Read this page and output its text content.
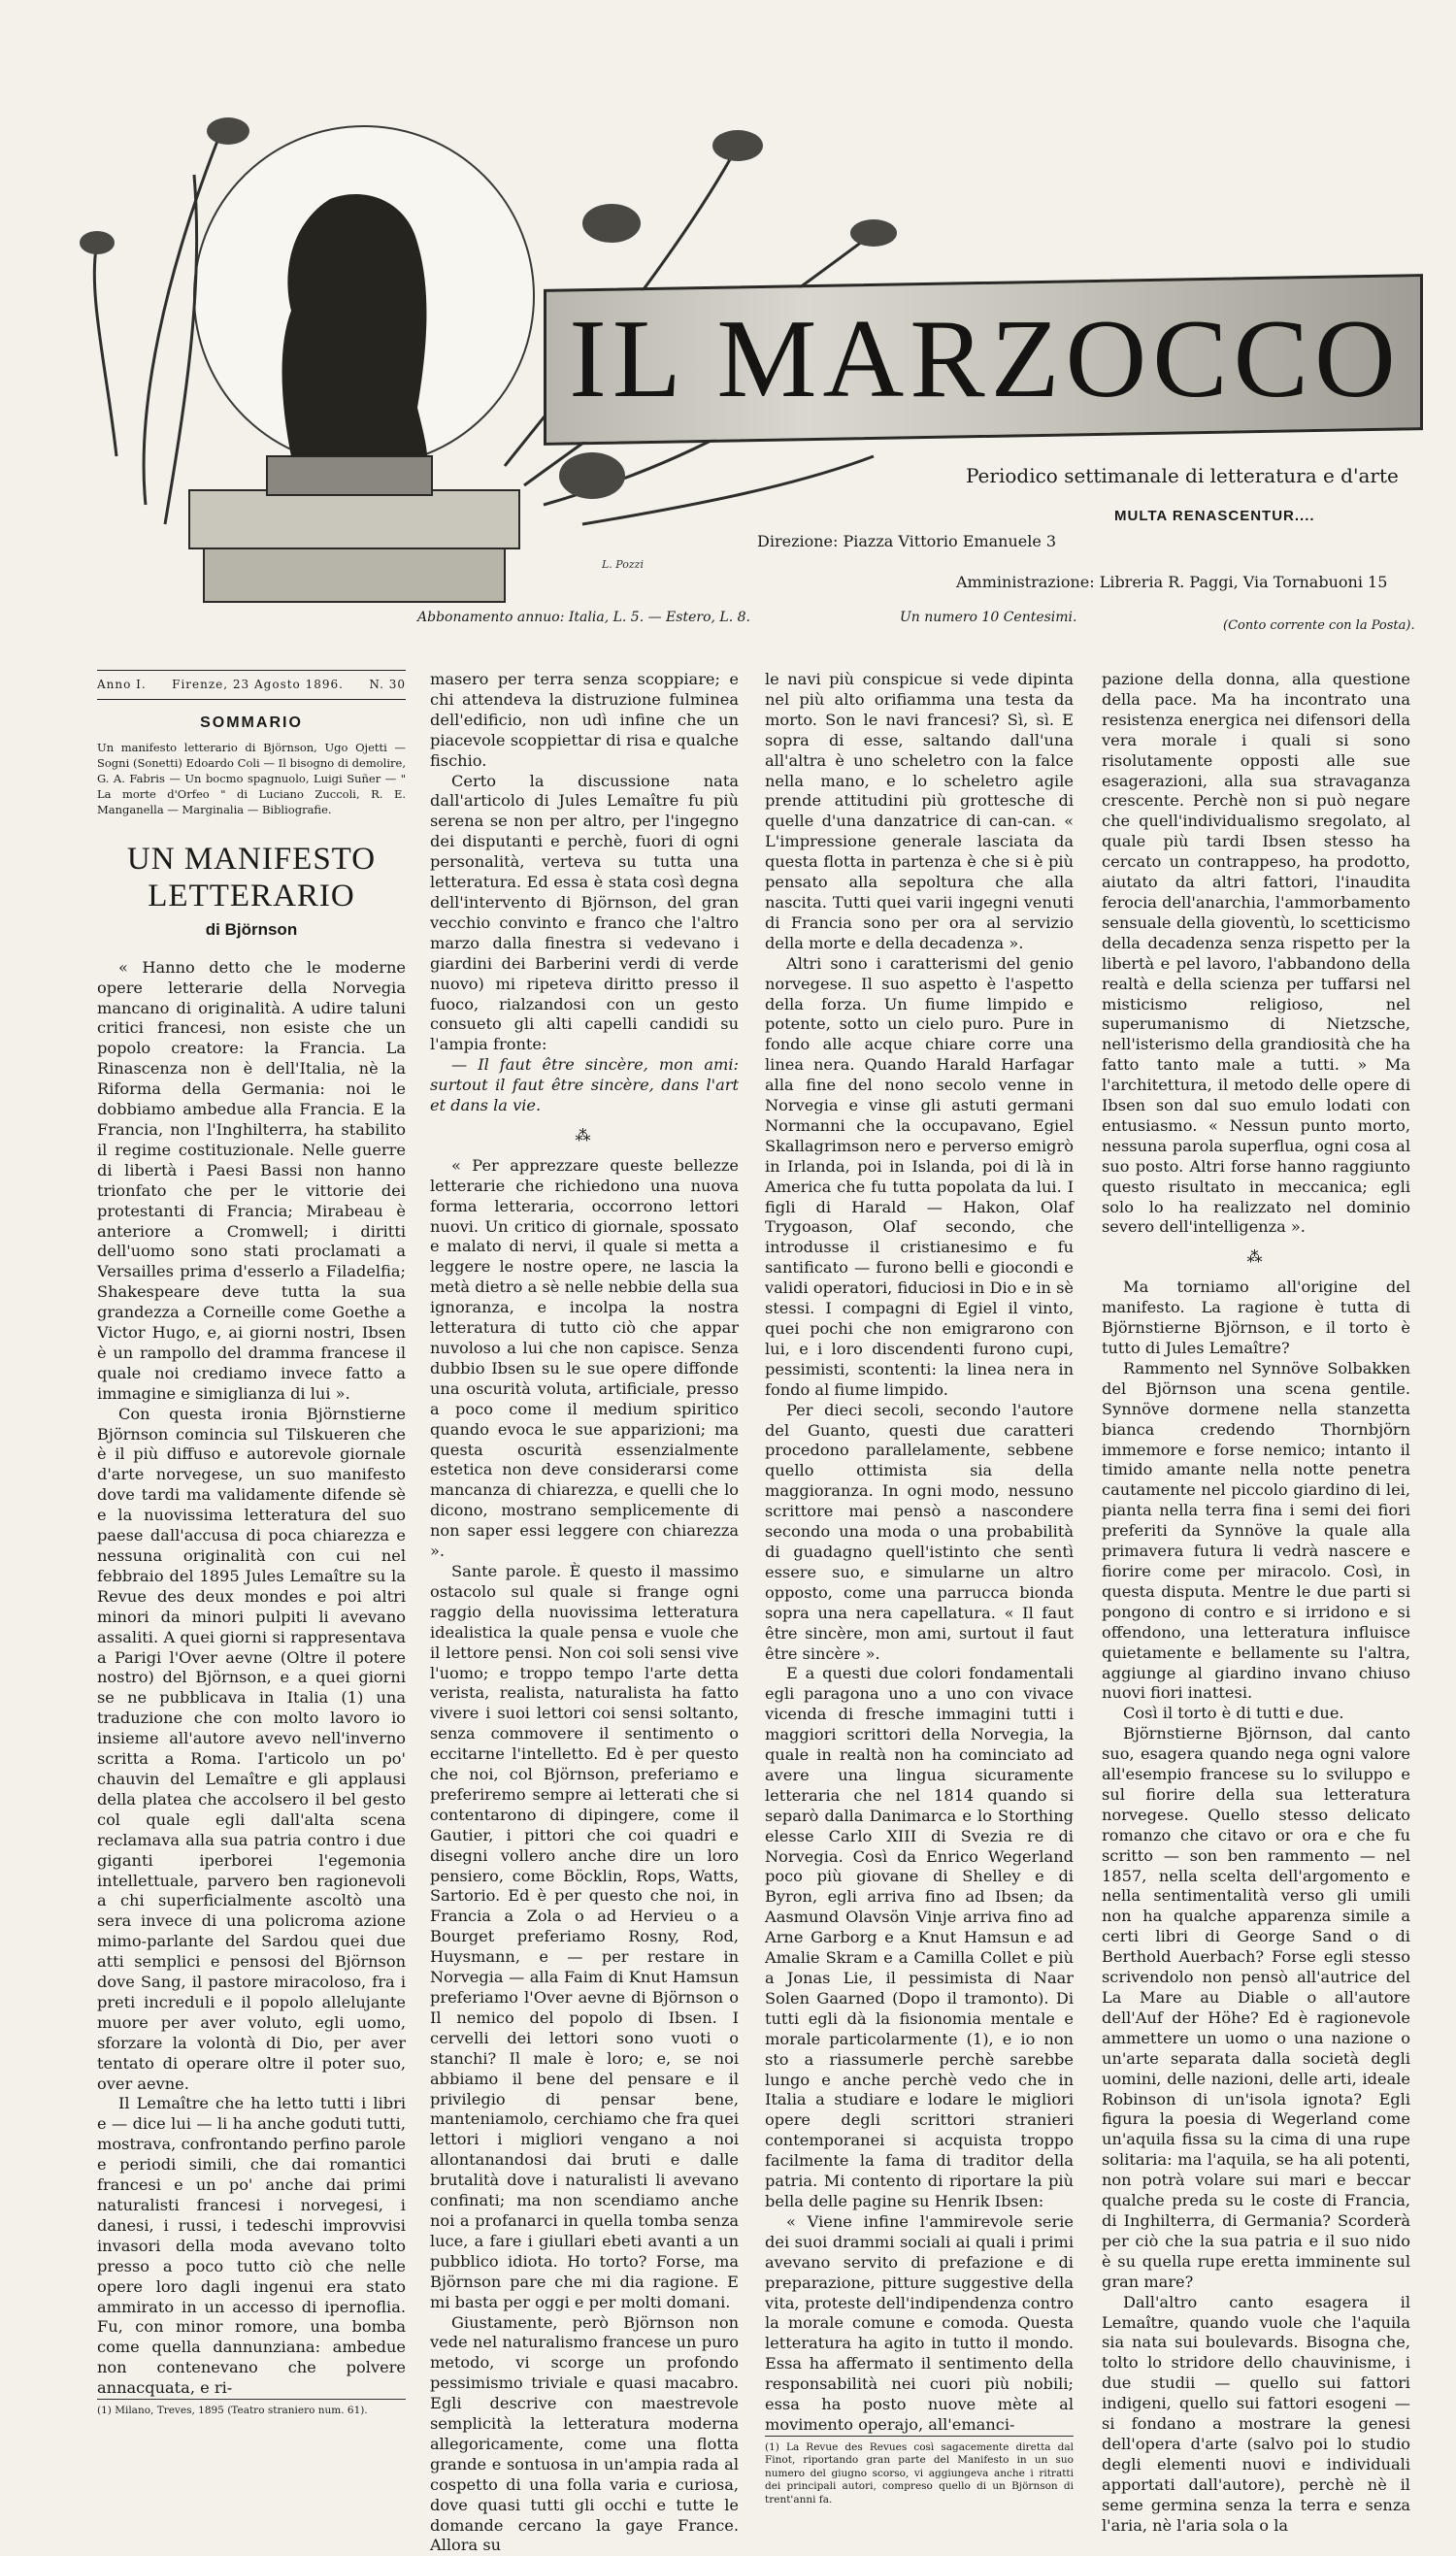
L. Pozzi
IL MARZOCCO
Periodico settimanale di letteratura e d'arte
MULTA RENASCENTUR....
Direzione: Piazza Vittorio Emanuele 3
Amministrazione: Libreria R. Paggi, Via Tornabuoni 15
Abbonamento annuo: Italia, L. 5. — Estero, L. 8.	Un numero 10 Centesimi.
(Conto corrente con la Posta).
Anno I. Firenze, 23 Agosto 1896. N. 30
SOMMARIO
Un manifesto letterario di Björnson, Ugo Ojetti — Sogni (Sonetti) Edoardo Coli — Il bisogno di demolire, G. A. Fabris — Un bocmo spagnuolo, Luigi Suñer — " La morte d'Orfeo " di Luciano Zuccoli, R. E. Manganella — Marginalia — Bibliografie.
UN MANIFESTO LETTERARIO
di Björnson

« Hanno detto che le moderne opere letterarie della Norvegia mancano di originalità. A udire taluni critici francesi, non esiste che un popolo creatore: la Francia. La Rinascenza non è dell'Italia, nè la Riforma della Germania: noi le dobbiamo ambedue alla Francia. E la Francia, non l'Inghilterra, ha stabilito il regime costituzionale. Nelle guerre di libertà i Paesi Bassi non hanno trionfato che per le vittorie dei protestanti di Francia; Mirabeau è anteriore a Cromwell; i diritti dell'uomo sono stati proclamati a Versailles prima d'esserlo a Filadelfia; Shakespeare deve tutta la sua grandezza a Corneille come Goethe a Victor Hugo, e, ai giorni nostri, Ibsen è un rampollo del dramma francese il quale noi crediamo invece fatto a immagine e simiglianza di lui ».

Con questa ironia Björnstierne Björnson comincia sul Tilskueren che è il più diffuso e autorevole giornale d'arte norvegese, un suo manifesto dove tardi ma validamente difende sè e la nuovissima letteratura del suo paese dall'accusa di poca chiarezza e nessuna originalità con cui nel febbraio del 1895 Jules Lemaître su la Revue des deux mondes e poi altri minori da minori pulpiti li avevano assaliti. A quei giorni si rappresentava a Parigi l'Over aevne (Oltre il potere nostro) del Björnson, e a quei giorni se ne pubblicava in Italia (1) una traduzione che con molto lavoro io insieme all'autore avevo nell'inverno scritta a Roma. I'articolo un po' chauvin del Lemaître e gli applausi della platea che accolsero il bel gesto col quale egli dall'alta scena reclamava alla sua patria contro i due giganti iperborei l'egemonia intellettuale, parvero ben ragionevoli a chi superficialmente ascoltò una sera invece di una policroma azione mimo-parlante del Sardou quei due atti semplici e pensosi del Björnson dove Sang, il pastore miracoloso, fra i preti increduli e il popolo allelujante muore per aver voluto, egli uomo, sforzare la volontà di Dio, per aver tentato di operare oltre il poter suo, over aevne.

Il Lemaître che ha letto tutti i libri e — dice lui — li ha anche goduti tutti, mostrava, confrontando perfino parole e periodi simili, che dai romantici francesi e un po' anche dai primi naturalisti francesi i norvegesi, i danesi, i russi, i tedeschi improvvisi invasori della moda avevano tolto presso a poco tutto ciò che nelle opere loro dagli ingenui era stato ammirato in un accesso di ipernoflia. Fu, con minor romore, una bomba come quella dannunziana: ambedue non contenevano che polvere annacquata, e ri-

(1) Milano, Treves, 1895 (Teatro straniero num. 61).

masero per terra senza scoppiare; e chi attendeva la distruzione fulminea dell'edificio, non udì infine che un piacevole scoppiettar di risa e qualche fischio.

Certo la discussione nata dall'articolo di Jules Lemaître fu più serena se non per altro, per l'ingegno dei disputanti e perchè, fuori di ogni personalità, verteva su tutta una letteratura. Ed essa è stata così degna dell'intervento di Björnson, del gran vecchio convinto e franco che l'altro marzo dalla finestra si vedevano i giardini dei Barberini verdi di verde nuovo) mi ripeteva diritto presso il fuoco, rialzandosi con un gesto consueto gli alti capelli candidi su l'ampia fronte:

— Il faut être sincère, mon ami: surtout il faut être sincère, dans l'art et dans la vie.

⁂

« Per apprezzare queste bellezze letterarie che richiedono una nuova forma letteraria, occorrono lettori nuovi. Un critico di giornale, spossato e malato di nervi, il quale si metta a leggere le nostre opere, ne lascia la metà dietro a sè nelle nebbie della sua ignoranza, e incolpa la nostra letteratura di tutto ciò che appar nuvoloso a lui che non capisce. Senza dubbio Ibsen su le sue opere diffonde una oscurità voluta, artificiale, presso a poco come il medium spiritico quando evoca le sue apparizioni; ma questa oscurità essenzialmente estetica non deve considerarsi come mancanza di chiarezza, e quelli che lo dicono, mostrano semplicemente di non saper essi leggere con chiarezza ».

Sante parole. È questo il massimo ostacolo sul quale si frange ogni raggio della nuovissima letteratura idealistica la quale pensa e vuole che il lettore pensi. Non coi soli sensi vive l'uomo; e troppo tempo l'arte detta verista, realista, naturalista ha fatto vivere i suoi lettori coi sensi soltanto, senza commovere il sentimento o eccitarne l'intelletto. Ed è per questo che noi, col Björnson, preferiamo e preferiremo sempre ai letterati che si contentarono di dipingere, come il Gautier, i pittori che coi quadri e disegni vollero anche dire un loro pensiero, come Böcklin, Rops, Watts, Sartorio. Ed è per questo che noi, in Francia a Zola o ad Hervieu o a Bourget preferiamo Rosny, Rod, Huysmann, e — per restare in Norvegia — alla Faim di Knut Hamsun preferiamo l'Over aevne di Björnson o Il nemico del popolo di Ibsen. I cervelli dei lettori sono vuoti o stanchi? Il male è loro; e, se noi abbiamo il bene del pensare e il privilegio di pensar bene, manteniamolo, cerchiamo che fra quei lettori i migliori vengano a noi allontanandosi dai bruti e dalle brutalità dove i naturalisti li avevano confinati; ma non scendiamo anche noi a profanarci in quella tomba senza luce, a fare i giullari ebeti avanti a un pubblico idiota. Ho torto? Forse, ma Björnson pare che mi dia ragione. E mi basta per oggi e per molti domani.

Giustamente, però Björnson non vede nel naturalismo francese un puro metodo, vi scorge un profondo pessimismo triviale e quasi macabro. Egli descrive con maestrevole semplicità la letteratura moderna allegoricamente, come una flotta grande e sontuosa in un'ampia rada al cospetto di una folla varia e curiosa, dove quasi tutti gli occhi e tutte le domande cercano la gaye France. Allora su

le navi più conspicue si vede dipinta nel più alto orifiamma una testa da morto. Son le navi francesi? Sì, sì. E sopra di esse, saltando dall'una all'altra è uno scheletro con la falce nella mano, e lo scheletro agile prende attitudini più grottesche di quelle d'una danzatrice di can-can. « L'impressione generale lasciata da questa flotta in partenza è che si è più pensato alla sepoltura che alla nascita. Tutti quei varii ingegni venuti di Francia sono per ora al servizio della morte e della decadenza ».

Altri sono i caratterismi del genio norvegese. Il suo aspetto è l'aspetto della forza. Un fiume limpido e potente, sotto un cielo puro. Pure in fondo alle acque chiare corre una linea nera. Quando Harald Harfagar alla fine del nono secolo venne in Norvegia e vinse gli astuti germani Normanni che la occupavano, Egiel Skallagrimson nero e perverso emigrò in Irlanda, poi in Islanda, poi di là in America che fu tutta popolata da lui. I figli di Harald — Hakon, Olaf Trygoason, Olaf secondo, che introdusse il cristianesimo e fu santificato — furono belli e giocondi e validi operatori, fiduciosi in Dio e in sè stessi. I compagni di Egiel il vinto, quei pochi che non emigrarono con lui, e i loro discendenti furono cupi, pessimisti, scontenti: la linea nera in fondo al fiume limpido.

Per dieci secoli, secondo l'autore del Guanto, questi due caratteri procedono parallelamente, sebbene quello ottimista sia della maggioranza. In ogni modo, nessuno scrittore mai pensò a nascondere secondo una moda o una probabilità di guadagno quell'istinto che sentì essere suo, e simularne un altro opposto, come una parrucca bionda sopra una nera capellatura. « Il faut être sincère, mon ami, surtout il faut être sincère ».

E a questi due colori fondamentali egli paragona uno a uno con vivace vicenda di fresche immagini tutti i maggiori scrittori della Norvegia, la quale in realtà non ha cominciato ad avere una lingua sicuramente letteraria che nel 1814 quando si separò dalla Danimarca e lo Storthing elesse Carlo XIII di Svezia re di Norvegia. Così da Enrico Wegerland poco più giovane di Shelley e di Byron, egli arriva fino ad Ibsen; da Aasmund Olavsön Vinje arriva fino ad Arne Garborg e a Knut Hamsun e ad Amalie Skram e a Camilla Collet e più a Jonas Lie, il pessimista di Naar Solen Gaarned (Dopo il tramonto). Di tutti egli dà la fisionomia mentale e morale particolarmente (1), e io non sto a riassumerle perchè sarebbe lungo e anche perchè vedo che in Italia a studiare e lodare le migliori opere degli scrittori stranieri contemporanei si acquista troppo facilmente la fama di traditor della patria. Mi contento di riportare la più bella delle pagine su Henrik Ibsen:

« Viene infine l'ammirevole serie dei suoi drammi sociali ai quali i primi avevano servito di prefazione e di preparazione, pitture suggestive della vita, proteste dell'indipendenza contro la morale comune e comoda. Questa letteratura ha agito in tutto il mondo. Essa ha affermato il sentimento della responsabilità nei cuori più nobili; essa ha posto nuove mète al movimento operajo, all'emanci-

(1) La Revue des Revues così sagacemente diretta dal Finot, riportando gran parte del Manifesto in un suo numero del giugno scorso, vi aggiungeva anche i ritratti dei principali autori, compreso quello di un Björnson di trent'anni fa.

pazione della donna, alla questione della pace. Ma ha incontrato una resistenza energica nei difensori della vera morale i quali si sono risolutamente opposti alle sue esagerazioni, alla sua stravaganza crescente. Perchè non si può negare che quell'individualismo sregolato, al quale più tardi Ibsen stesso ha cercato un contrappeso, ha prodotto, aiutato da altri fattori, l'inaudita ferocia dell'anarchia, l'ammorbamento sensuale della gioventù, lo scetticismo della decadenza senza rispetto per la libertà e pel lavoro, l'abbandono della realtà e della scienza per tuffarsi nel misticismo religioso, nel superumanismo di Nietzsche, nell'isterismo della grandiosità che ha fatto tanto male a tutti. » Ma l'architettura, il metodo delle opere di Ibsen son dal suo emulo lodati con entusiasmo. « Nessun punto morto, nessuna parola superflua, ogni cosa al suo posto. Altri forse hanno raggiunto questo risultato in meccanica; egli solo lo ha realizzato nel dominio severo dell'intelligenza ».

⁂

Ma torniamo all'origine del manifesto. La ragione è tutta di Björnstierne Björnson, e il torto è tutto di Jules Lemaître?

Rammento nel Synnöve Solbakken del Björnson una scena gentile. Synnöve dormene nella stanzetta bianca credendo Thornbjörn immemore e forse nemico; intanto il timido amante nella notte penetra cautamente nel piccolo giardino di lei, pianta nella terra fina i semi dei fiori preferiti da Synnöve la quale alla primavera futura li vedrà nascere e fiorire come per miracolo. Così, in questa disputa. Mentre le due parti si pongono di contro e si irridono e si offendono, una letteratura influisce quietamente e bellamente su l'altra, aggiunge al giardino invano chiuso nuovi fiori inattesi.

Così il torto è di tutti e due.

Björnstierne Björnson, dal canto suo, esagera quando nega ogni valore all'esempio francese su lo sviluppo e sul fiorire della sua letteratura norvegese. Quello stesso delicato romanzo che citavo or ora e che fu scritto — son ben rammento — nel 1857, nella scelta dell'argomento e nella sentimentalità verso gli umili non ha qualche apparenza simile a certi libri di George Sand o di Berthold Auerbach? Forse egli stesso scrivendolo non pensò all'autrice del La Mare au Diable o all'autore dell'Auf der Höhe? Ed è ragionevole ammettere un uomo o una nazione o un'arte separata dalla società degli uomini, delle nazioni, delle arti, ideale Robinson di un'isola ignota? Egli figura la poesia di Wegerland come un'aquila fissa su la cima di una rupe solitaria: ma l'aquila, se ha ali potenti, non potrà volare sui mari e beccar qualche preda su le coste di Francia, di Inghilterra, di Germania? Scorderà per ciò che la sua patria e il suo nido è su quella rupe eretta imminente sul gran mare?

Dall'altro canto esagera il Lemaître, quando vuole che l'aquila sia nata sui boulevards. Bisogna che, tolto lo stridore dello chauvinisme, i due studii — quello sui fattori indigeni, quello sui fattori esogeni — si fondano a mostrare la genesi dell'opera d'arte (salvo poi lo studio degli elementi nuovi e individuali apportati dall'autore), perchè nè il seme germina senza la terra e senza l'aria, nè l'aria sola o la
